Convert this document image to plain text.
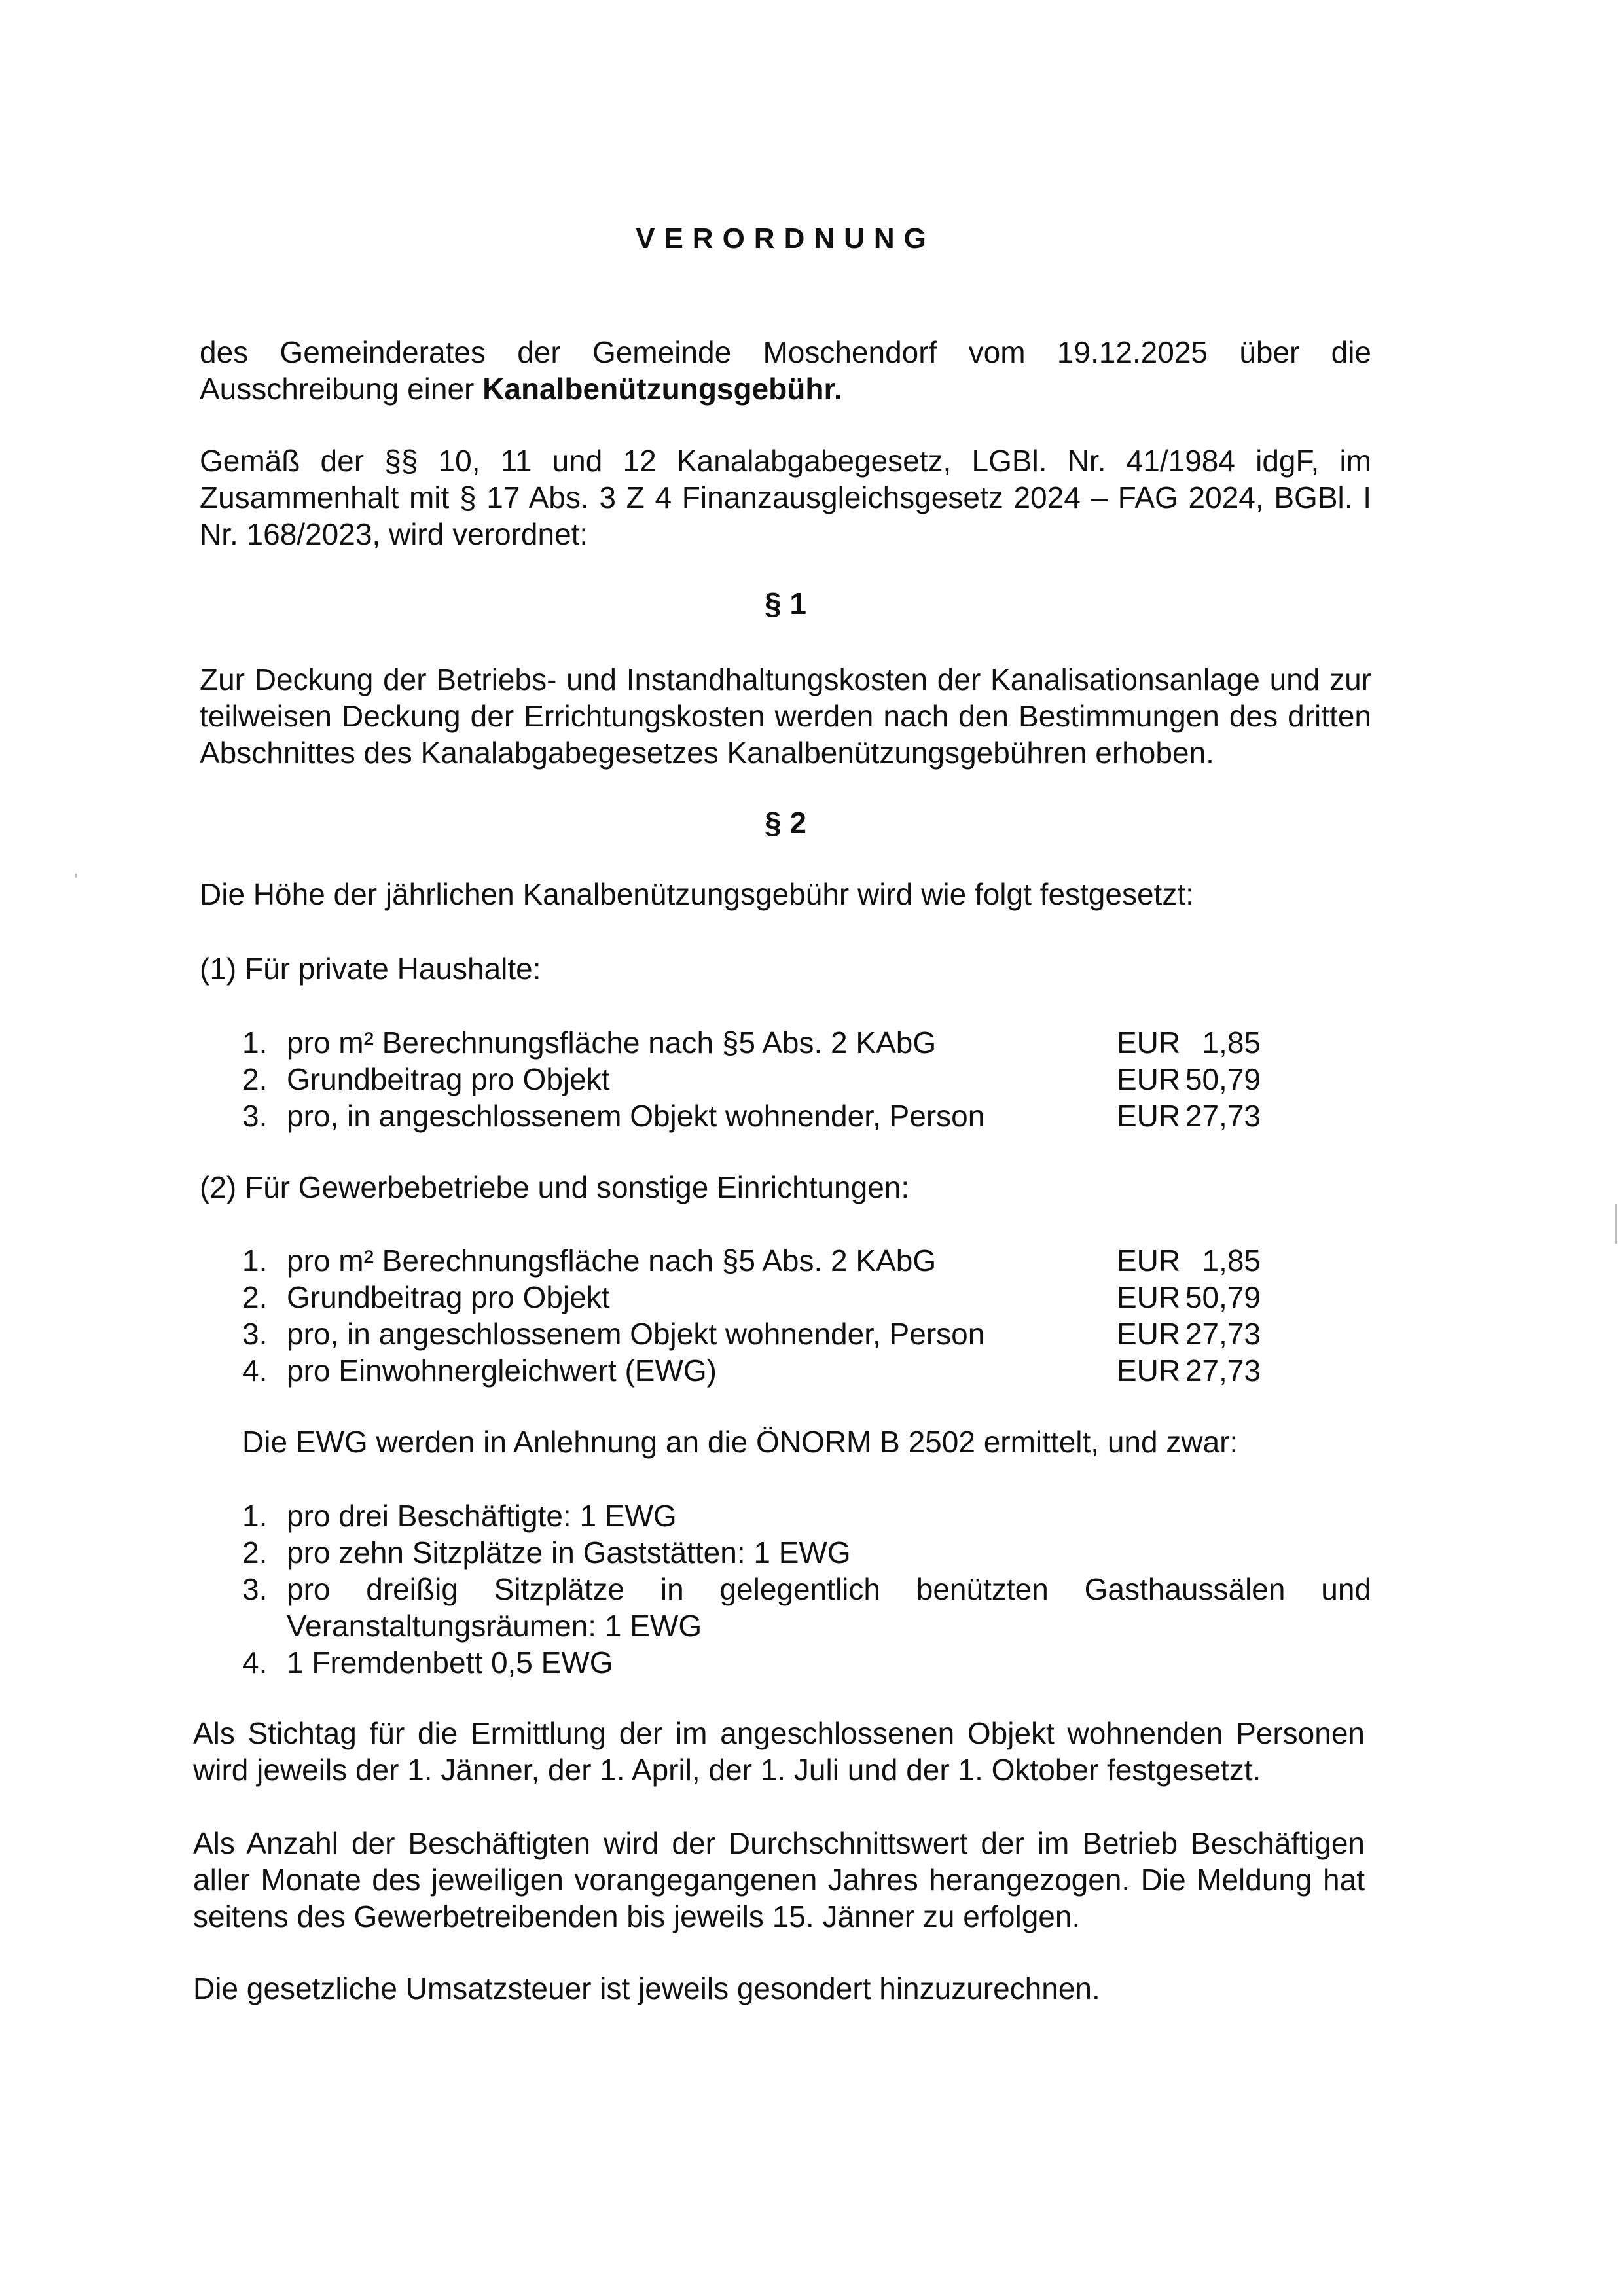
VERORDNUNG
des Gemeinderates der Gemeinde Moschendorf vom 19.12.2025 über die Ausschreibung einer Kanalbenützungsgebühr.
Gemäß der §§ 10, 11 und 12 Kanalabgabegesetz, LGBl. Nr. 41/1984 idgF, im Zusammenhalt mit § 17 Abs. 3 Z 4 Finanzausgleichsgesetz 2024 – FAG 2024, BGBl. I Nr. 168/2023, wird verordnet:
§ 1
Zur Deckung der Betriebs- und Instandhaltungskosten der Kanalisationsanlage und zur teilweisen Deckung der Errichtungskosten werden nach den Bestimmungen des dritten Abschnittes des Kanalabgabegesetzes Kanalbenützungsgebühren erhoben.
§ 2
Die Höhe der jährlichen Kanalbenützungsgebühr wird wie folgt festgesetzt:
(1) Für private Haushalte:
1. pro m² Berechnungsfläche nach §5 Abs. 2 KAbG	EUR 1,85
2. Grundbeitrag pro Objekt	EUR 50,79
3. pro, in angeschlossenem Objekt wohnender, Person	EUR 27,73
(2) Für Gewerbebetriebe und sonstige Einrichtungen:
1. pro m² Berechnungsfläche nach §5 Abs. 2 KAbG	EUR 1,85
2. Grundbeitrag pro Objekt	EUR 50,79
3. pro, in angeschlossenem Objekt wohnender, Person	EUR 27,73
4. pro Einwohnergleichwert (EWG)	EUR 27,73
Die EWG werden in Anlehnung an die ÖNORM B 2502 ermittelt, und zwar:
1. pro drei Beschäftigte: 1 EWG
2. pro zehn Sitzplätze in Gaststätten: 1 EWG
3. pro dreißig Sitzplätze in gelegentlich benützten Gasthaussälen und Veranstaltungsräumen: 1 EWG
4. 1 Fremdenbett 0,5 EWG
Als Stichtag für die Ermittlung der im angeschlossenen Objekt wohnenden Personen wird jeweils der 1. Jänner, der 1. April, der 1. Juli und der 1. Oktober festgesetzt.
Als Anzahl der Beschäftigten wird der Durchschnittswert der im Betrieb Beschäftigen aller Monate des jeweiligen vorangegangenen Jahres herangezogen. Die Meldung hat seitens des Gewerbetreibenden bis jeweils 15. Jänner zu erfolgen.
Die gesetzliche Umsatzsteuer ist jeweils gesondert hinzuzurechnen.
